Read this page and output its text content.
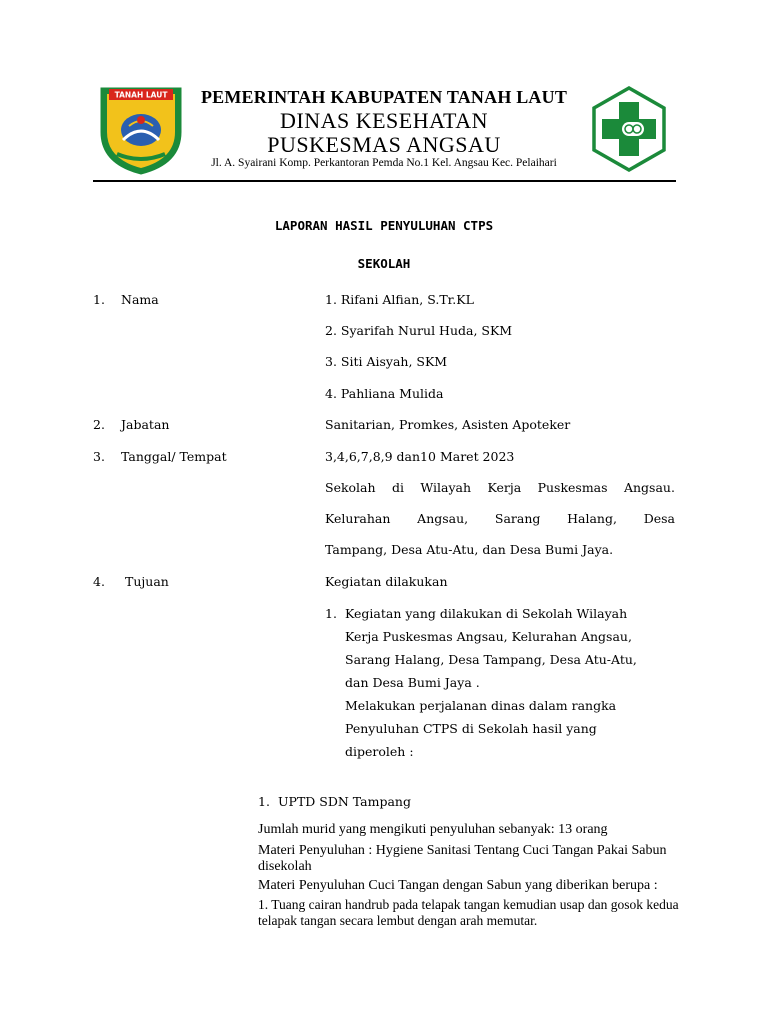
TANAH LAUT	PEMERINTAH KABUPATEN TANAH LAUT
DINAS KESEHATAN
PUSKESMAS ANGSAU
Jl. A. Syairani Komp. Perkantoran Pemda No.1 Kel. Angsau Kec. Pelaihari
LAPORAN HASIL PENYULUHAN CTPS
SEKOLAH
1. Nama	1. Rifani Alfian, S.Tr.KL
2. Syarifah Nurul Huda, SKM
3. Siti Aisyah, SKM
4. Pahliana Mulida
2. Jabatan	Sanitarian, Promkes, Asisten Apoteker
3. Tanggal/ Tempat	3,4,6,7,8,9 dan10 Maret 2023
Sekolah di Wilayah Kerja Puskesmas Angsau.
Kelurahan Angsau, Sarang Halang, Desa
Tampang, Desa Atu-Atu, dan Desa Bumi Jaya.
4. Tujuan	Kegiatan dilakukan
1. Kegiatan yang dilakukan di Sekolah Wilayah
Kerja Puskesmas Angsau, Kelurahan Angsau,
Sarang Halang, Desa Tampang, Desa Atu-Atu,
dan Desa Bumi Jaya .
Melakukan perjalanan dinas dalam rangka
Penyuluhan CTPS di Sekolah hasil yang
diperoleh :
1. UPTD SDN Tampang
Jumlah murid yang mengikuti penyuluhan sebanyak: 13 orang
Materi Penyuluhan : Hygiene Sanitasi Tentang Cuci Tangan Pakai Sabun
disekolah
Materi Penyuluhan Cuci Tangan dengan Sabun yang diberikan berupa :
1. Tuang cairan handrub pada telapak tangan kemudian usap dan gosok kedua
telapak tangan secara lembut dengan arah memutar.
